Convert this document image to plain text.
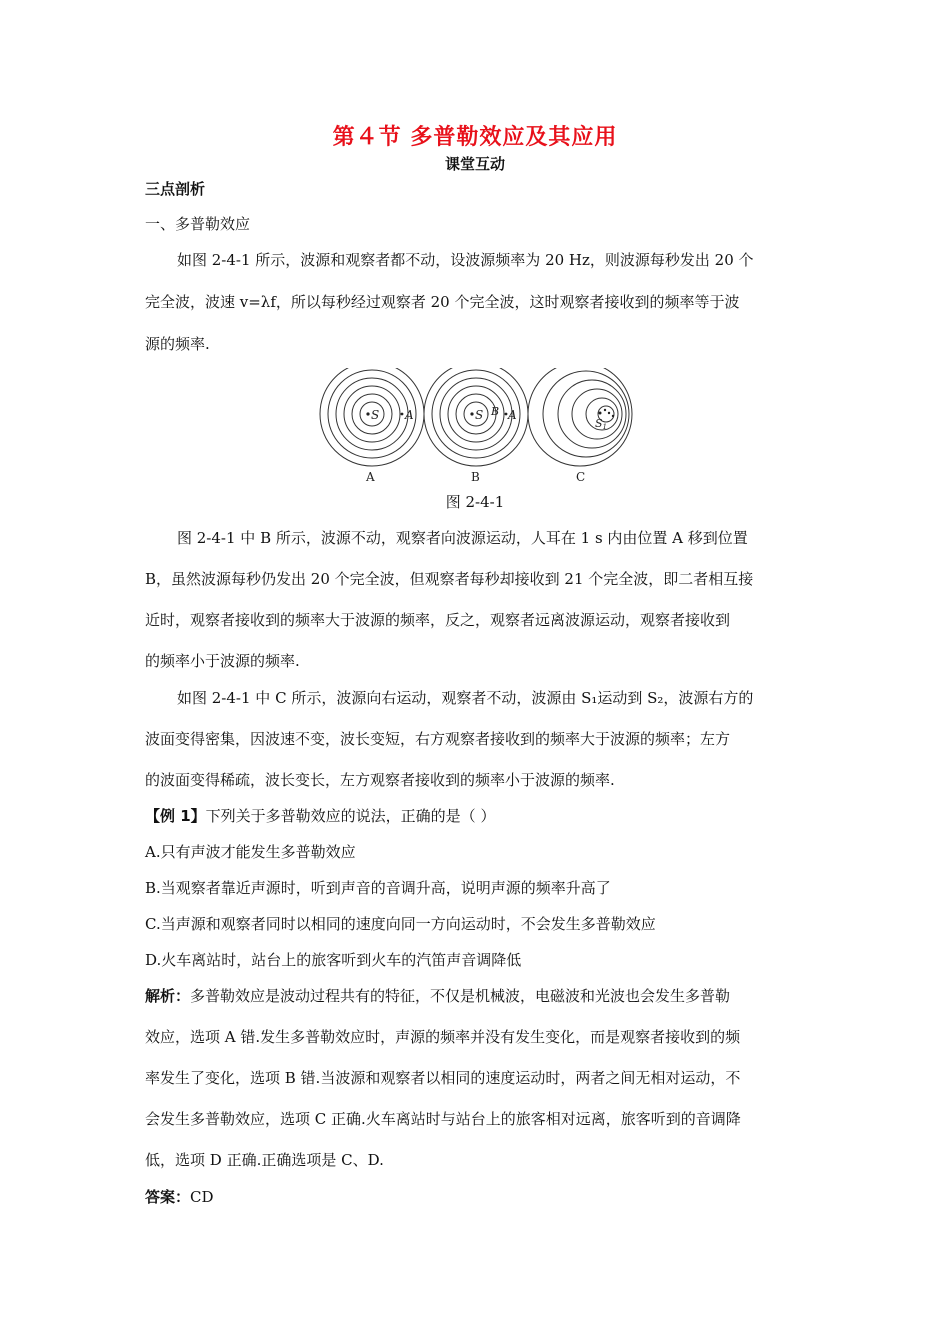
第４节 多普勒效应及其应用
课堂互动
三点剖析
一、多普勒效应
如图 2-4-1 所示，波源和观察者都不动，设波源频率为 20 Hz，则波源每秒发出 20 个
完全波，波速 v=λf，所以每秒经过观察者 20 个完全波，这时观察者接收到的频率等于波
源的频率.
S A
A
S B A
B
S1
C
图 2-4-1
图 2-4-1 中 B 所示，波源不动，观察者向波源运动，人耳在 1 s 内由位置 A 移到位置
B，虽然波源每秒仍发出 20 个完全波，但观察者每秒却接收到 21 个完全波，即二者相互接
近时，观察者接收到的频率大于波源的频率，反之，观察者远离波源运动，观察者接收到
的频率小于波源的频率.
如图 2-4-1 中 C 所示，波源向右运动，观察者不动，波源由 S₁运动到 S₂，波源右方的
波面变得密集，因波速不变，波长变短，右方观察者接收到的频率大于波源的频率；左方
的波面变得稀疏，波长变长，左方观察者接收到的频率小于波源的频率.
【例 1】下列关于多普勒效应的说法，正确的是（ ）
A.只有声波才能发生多普勒效应
B.当观察者靠近声源时，听到声音的音调升高，说明声源的频率升高了
C.当声源和观察者同时以相同的速度向同一方向运动时，不会发生多普勒效应
D.火车离站时，站台上的旅客听到火车的汽笛声音调降低
解析：多普勒效应是波动过程共有的特征，不仅是机械波，电磁波和光波也会发生多普勒
效应，选项 A 错.发生多普勒效应时，声源的频率并没有发生变化，而是观察者接收到的频
率发生了变化，选项 B 错.当波源和观察者以相同的速度运动时，两者之间无相对运动，不
会发生多普勒效应，选项 C 正确.火车离站时与站台上的旅客相对远离，旅客听到的音调降
低，选项 D 正确.正确选项是 C、D.
答案：CD
